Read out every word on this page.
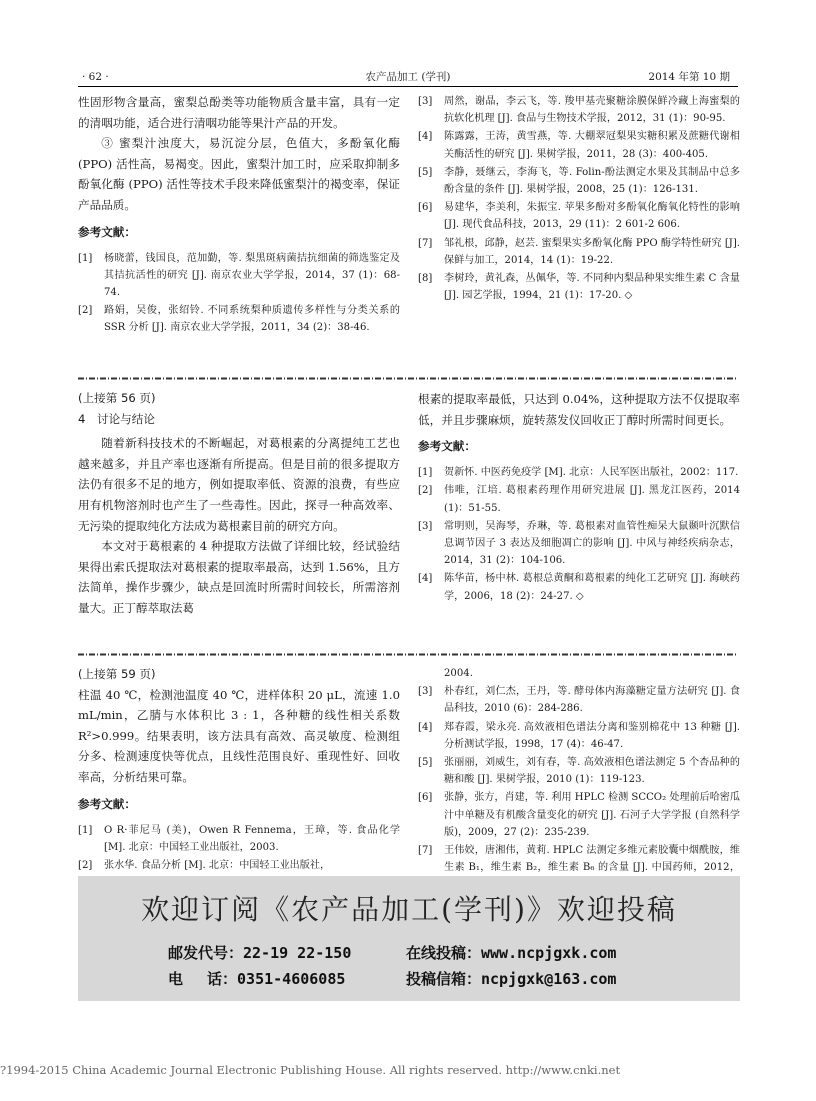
· 62 ·	农产品加工 (学刊)	2014 年第 10 期

性固形物含量高，蜜梨总酚类等功能物质含量丰富，具有一定的清咽功能，适合进行清咽功能等果汁产品的开发。

③ 蜜梨汁浊度大，易沉淀分层，色值大，多酚氧化酶 (PPO) 活性高，易褐变。因此，蜜梨汁加工时，应采取抑制多酚氧化酶 (PPO) 活性等技术手段来降低蜜梨汁的褐变率，保证产品品质。

参考文献：
[1]	杨晓蕾，钱国良，范加勤，等. 梨黑斑病菌拮抗细菌的筛选鉴定及其拮抗活性的研究 [J]. 南京农业大学学报，2014，37 (1)：68-74.
[2]	路娟，吴俊，张绍铃. 不同系统梨种质遗传多样性与分类关系的 SSR 分析 [J]. 南京农业大学学报，2011，34 (2)：38-46.
[3]	周然，谢晶，李云飞，等. 羧甲基壳聚糖涂膜保鲜冷藏上海蜜梨的抗软化机理 [J]. 食品与生物技术学报，2012，31 (1)：90-95.
[4]	陈露露，王涛，黄雪燕，等. 大棚翠冠梨果实糖积累及蔗糖代谢相关酶活性的研究 [J]. 果树学报，2011，28 (3)：400-405.
[5]	李静，聂继云，李海飞，等. Folin-酚法测定水果及其制品中总多酚含量的条件 [J]. 果树学报，2008，25 (1)：126-131.
[6]	易建华，李美利，朱振宝. 苹果多酚对多酚氧化酶氧化特性的影响 [J]. 现代食品科技，2013，29 (11)：2 601-2 606.
[7]	邹礼根，邱静，赵芸. 蜜梨果实多酚氧化酶 PPO 酶学特性研究 [J]. 保鲜与加工，2014，14 (1)：19-22.
[8]	李树玲，黄礼森，丛佩华，等. 不同种内梨品种果实维生素 C 含量 [J]. 园艺学报，1994，21 (1)：17-20. ◇
(上接第 56 页)
4　讨论与结论

随着新科技技术的不断崛起，对葛根素的分离提纯工艺也越来越多，并且产率也逐渐有所提高。但是目前的很多提取方法仍有很多不足的地方，例如提取率低、资源的浪费，有些应用有机物溶剂时也产生了一些毒性。因此，探寻一种高效率、无污染的提取纯化方法成为葛根素目前的研究方向。

本文对于葛根素的 4 种提取方法做了详细比较，经试验结果得出索氏提取法对葛根素的提取率最高，达到 1.56%，且方法简单，操作步骤少，缺点是回流时所需时间较长，所需溶剂量大。正丁醇萃取法葛

根素的提取率最低，只达到 0.04%，这种提取方法不仅提取率低，并且步骤麻烦，旋转蒸发仪回收正丁醇时所需时间更长。

参考文献：
[1]	贺新怀. 中医药免疫学 [M]. 北京：人民军医出版社，2002：117.
[2]	伟唯，江培. 葛根素药理作用研究进展 [J]. 黑龙江医药，2014 (1)：51-55.
[3]	常明则，吴海琴，乔琳，等. 葛根素对血管性痴呆大鼠颞叶沉默信息调节因子 3 表达及细胞凋亡的影响 [J]. 中风与神经疾病杂志，2014，31 (2)：104-106.
[4]	陈华苗，杨中林. 葛根总黄酮和葛根素的纯化工艺研究 [J]. 海峡药学，2006，18 (2)：24-27. ◇
(上接第 59 页)

柱温 40 ℃，检测池温度 40 ℃，进样体积 20 μL，流速 1.0 mL/min，乙腈与水体积比 3 : 1，各种糖的线性相关系数 R²>0.999。结果表明，该方法具有高效、高灵敏度、检测组分多、检测速度快等优点，且线性范围良好、重现性好、回收率高，分析结果可靠。

参考文献：
[1]	O R·菲尼马 (美)，Owen R Fennema，王璋，等. 食品化学 [M]. 北京：中国轻工业出版社，2003.
[2]	张水华. 食品分析 [M]. 北京：中国轻工业出版社，
2004.
[3]	朴春红，刘仁杰，王丹，等. 酵母体内海藻糖定量方法研究 [J]. 食品科技，2010 (6)：284-286.
[4]	郑春霞，梁永亮. 高效液相色谱法分离和鉴别棉花中 13 种糖 [J]. 分析测试学报，1998，17 (4)：46-47.
[5]	张丽丽，刘威生，刘有春，等. 高效液相色谱法测定 5 个杏品种的糖和酸 [J]. 果树学报，2010 (1)：119-123.
[6]	张静，张方，肖建，等. 利用 HPLC 检测 SCCO₂ 处理前后哈密瓜汁中单糖及有机酸含量变化的研究 [J]. 石河子大学学报 (自然科学版)，2009，27 (2)：235-239.
[7]	王伟姣，唐湘伟，黄莉. HPLC 法测定多维元素胶囊中烟酰胺，维生素 B₁，维生素 B₂，维生素 B₆ 的含量 [J]. 中国药师，2012，
欢迎订阅《农产品加工(学刊)》欢迎投稿
邮发代号：22-19 22-150	在线投稿：www.ncpjgxk.com
电　 话：0351-4606085	投稿信箱：ncpjgxk@163.com
?1994-2015 China Academic Journal Electronic Publishing House. All rights reserved. http://www.cnki.net
